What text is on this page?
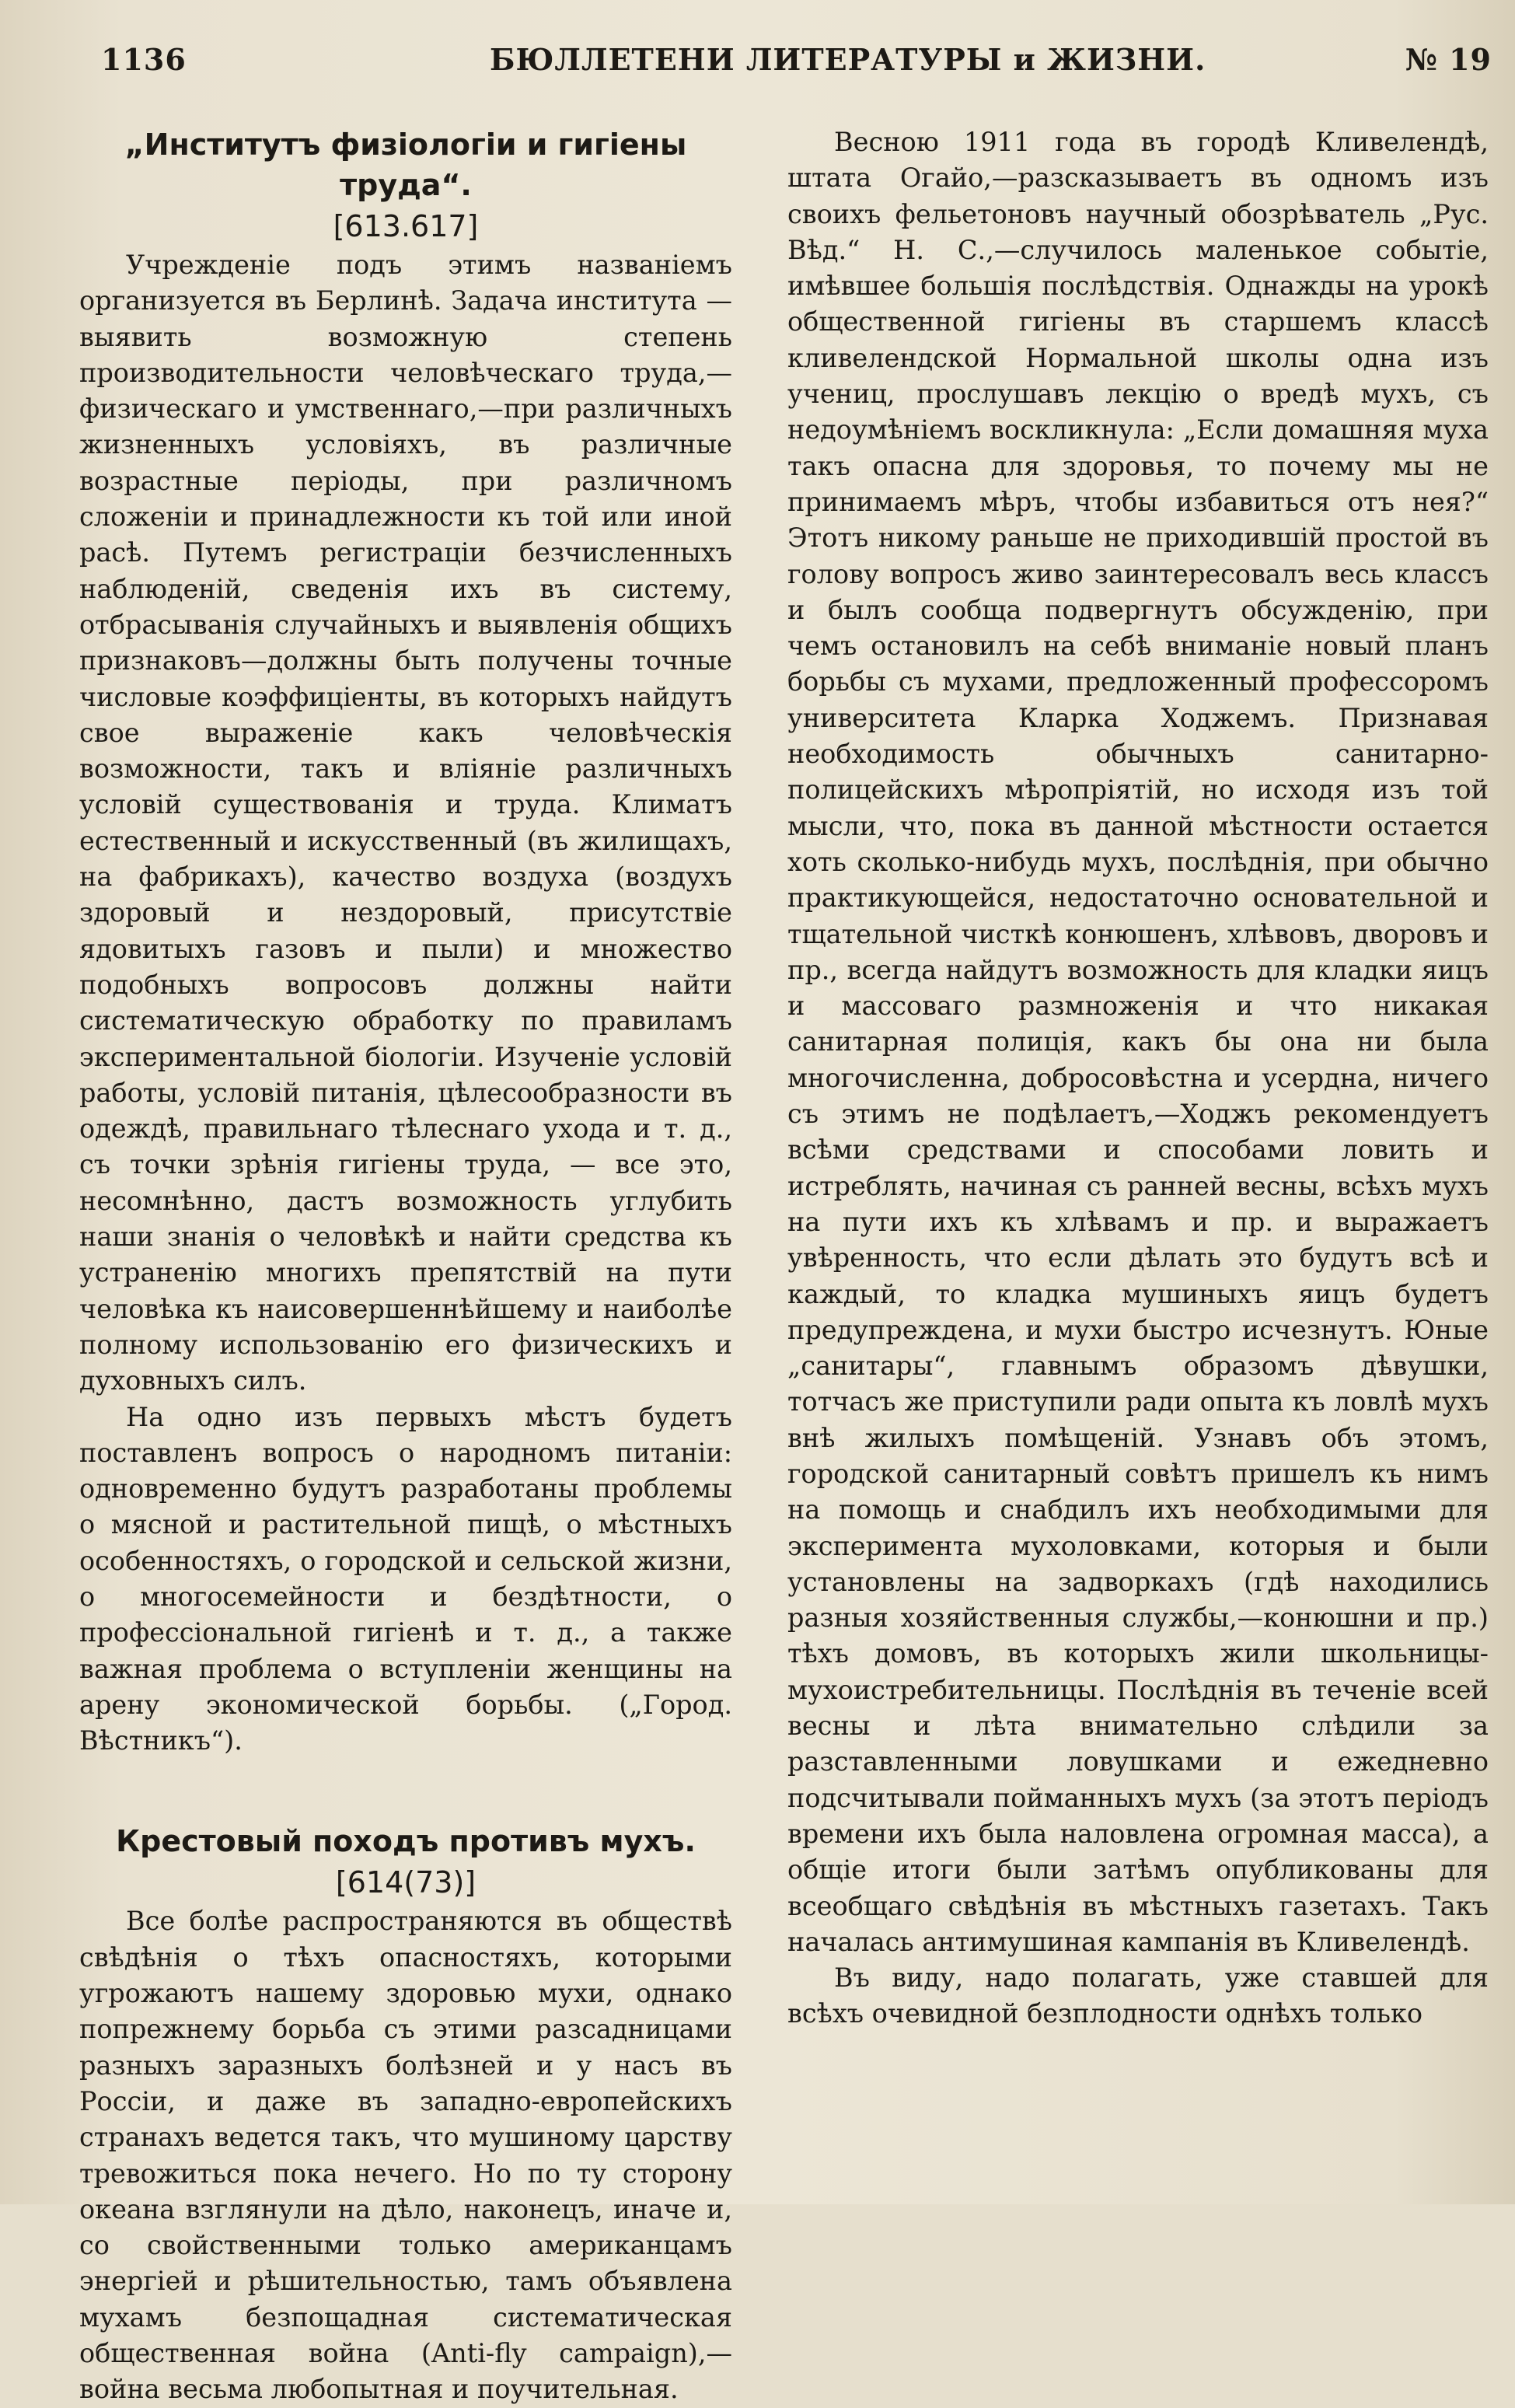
1136	БЮЛЛЕТЕНИ ЛИТЕРАТУРЫ и ЖИЗНИ.	№ 19

„Институтъ физiологiи и гигiены труда“.

[613.617]

Учрежденiе подъ этимъ названiемъ организуется въ Берлинѣ. Задача института — выявить возможную степень производительности человѣческаго труда,—физическаго и умственнаго,—при различныхъ жизненныхъ условiяхъ, въ различные возрастные перiоды, при различномъ сложенiи и принадлежности къ той или иной расѣ. Путемъ регистрацiи безчисленныхъ наблюденiй, сведенiя ихъ въ систему, отбрасыванiя случайныхъ и выявленiя общихъ признаковъ—должны быть получены точные числовые коэффицiенты, въ которыхъ найдутъ свое выраженiе какъ человѣческiя возможности, такъ и влiянiе различныхъ условiй существованiя и труда. Климатъ естественный и искусственный (въ жилищахъ, на фабрикахъ), качество воздуха (воздухъ здоровый и нездоровый, присутствiе ядовитыхъ газовъ и пыли) и множество подобныхъ вопросовъ должны найти систематическую обработку по правиламъ экспериментальной бiологiи. Изученiе условiй работы, условiй питанiя, цѣлесообразности въ одеждѣ, правильнаго тѣлеснаго ухода и т. д., съ точки зрѣнiя гигiены труда, — все это, несомнѣнно, дастъ возможность углубить наши знанiя о человѣкѣ и найти средства къ устраненiю многихъ препятствiй на пути человѣка къ наисовершеннѣйшему и наиболѣе полному использованiю его физическихъ и духовныхъ силъ.

На одно изъ первыхъ мѣстъ будетъ поставленъ вопросъ о народномъ питанiи: одновременно будутъ разработаны проблемы о мясной и растительной пищѣ, о мѣстныхъ особенностяхъ, о городской и сельской жизни, о многосемейности и бездѣтности, о профессiональной гигiенѣ и т. д., а также важная проблема о вступленiи женщины на арену экономической борьбы. („Город. Вѣстникъ“).

Крестовый походъ противъ мухъ.

[614(73)]

Все болѣе распространяются въ обществѣ свѣдѣнiя о тѣхъ опасностяхъ, которыми угрожаютъ нашему здоровью мухи, однако попрежнему борьба съ этими разсадницами разныхъ заразныхъ болѣзней и у насъ въ Россiи, и даже въ западно-европейскихъ странахъ ведется такъ, что мушиному царству тревожиться пока нечего. Но по ту сторону океана взглянули на дѣло, наконецъ, иначе и, со свойственными только американцамъ энергiей и рѣшительностью, тамъ объявлена мухамъ безпощадная систематическая общественная война (Anti-fly campaign),—война весьма любопытная и поучительная.

Весною 1911 года въ городѣ Кливелендѣ, штата Огайо,—разсказываетъ въ одномъ изъ своихъ фельетоновъ научный обозрѣватель „Рус. Вѣд.“ Н. С.,—случилось маленькое событiе, имѣвшее большiя послѣдствiя. Однажды на урокѣ общественной гигiены въ старшемъ классѣ кливелендской Нормальной школы одна изъ учениц, прослушавъ лекцiю о вредѣ мухъ, съ недоумѣнiемъ воскликнула: „Если домашняя муха такъ опасна для здоровья, то почему мы не принимаемъ мѣръ, чтобы избавиться отъ нея?“ Этотъ никому раньше не приходившiй простой въ голову вопросъ живо заинтересовалъ весь классъ и былъ сообща подвергнутъ обсужденiю, при чемъ остановилъ на себѣ вниманiе новый планъ борьбы съ мухами, предложенный профессоромъ университета Кларка Ходжемъ. Признавая необходимость обычныхъ санитарно-полицейскихъ мѣропрiятiй, но исходя изъ той мысли, что, пока въ данной мѣстности остается хоть сколько-нибудь мухъ, послѣднiя, при обычно практикующейся, недостаточно основательной и тщательной чисткѣ конюшенъ, хлѣвовъ, дворовъ и пр., всегда найдутъ возможность для кладки яицъ и массоваго размноженiя и что никакая санитарная полицiя, какъ бы она ни была многочисленна, добросовѣстна и усердна, ничего съ этимъ не подѣлаетъ,—Ходжъ рекомендуетъ всѣми средствами и способами ловить и истреблять, начиная съ ранней весны, всѣхъ мухъ на пути ихъ къ хлѣвамъ и пр. и выражаетъ увѣренность, что если дѣлать это будутъ всѣ и каждый, то кладка мушиныхъ яицъ будетъ предупреждена, и мухи быстро исчезнутъ. Юные „санитары“, главнымъ образомъ дѣвушки, тотчасъ же приступили ради опыта къ ловлѣ мухъ внѣ жилыхъ помѣщенiй. Узнавъ объ этомъ, городской санитарный совѣтъ пришелъ къ нимъ на помощь и снабдилъ ихъ необходимыми для эксперимента мухоловками, которыя и были установлены на задворкахъ (гдѣ находились разныя хозяйственныя службы,—конюшни и пр.) тѣхъ домовъ, въ которыхъ жили школьницы-мухоистребительницы. Послѣднiя въ теченiе всей весны и лѣта внимательно слѣдили за разставленными ловушками и ежедневно подсчитывали пойманныхъ мухъ (за этотъ перiодъ времени ихъ была наловлена огромная масса), а общiе итоги были затѣмъ опубликованы для всеобщаго свѣдѣнiя въ мѣстныхъ газетахъ. Такъ началась антимушиная кампанiя въ Кливелендѣ.

Въ виду, надо полагать, уже ставшей для всѣхъ очевидной безплодности однѣхъ только
